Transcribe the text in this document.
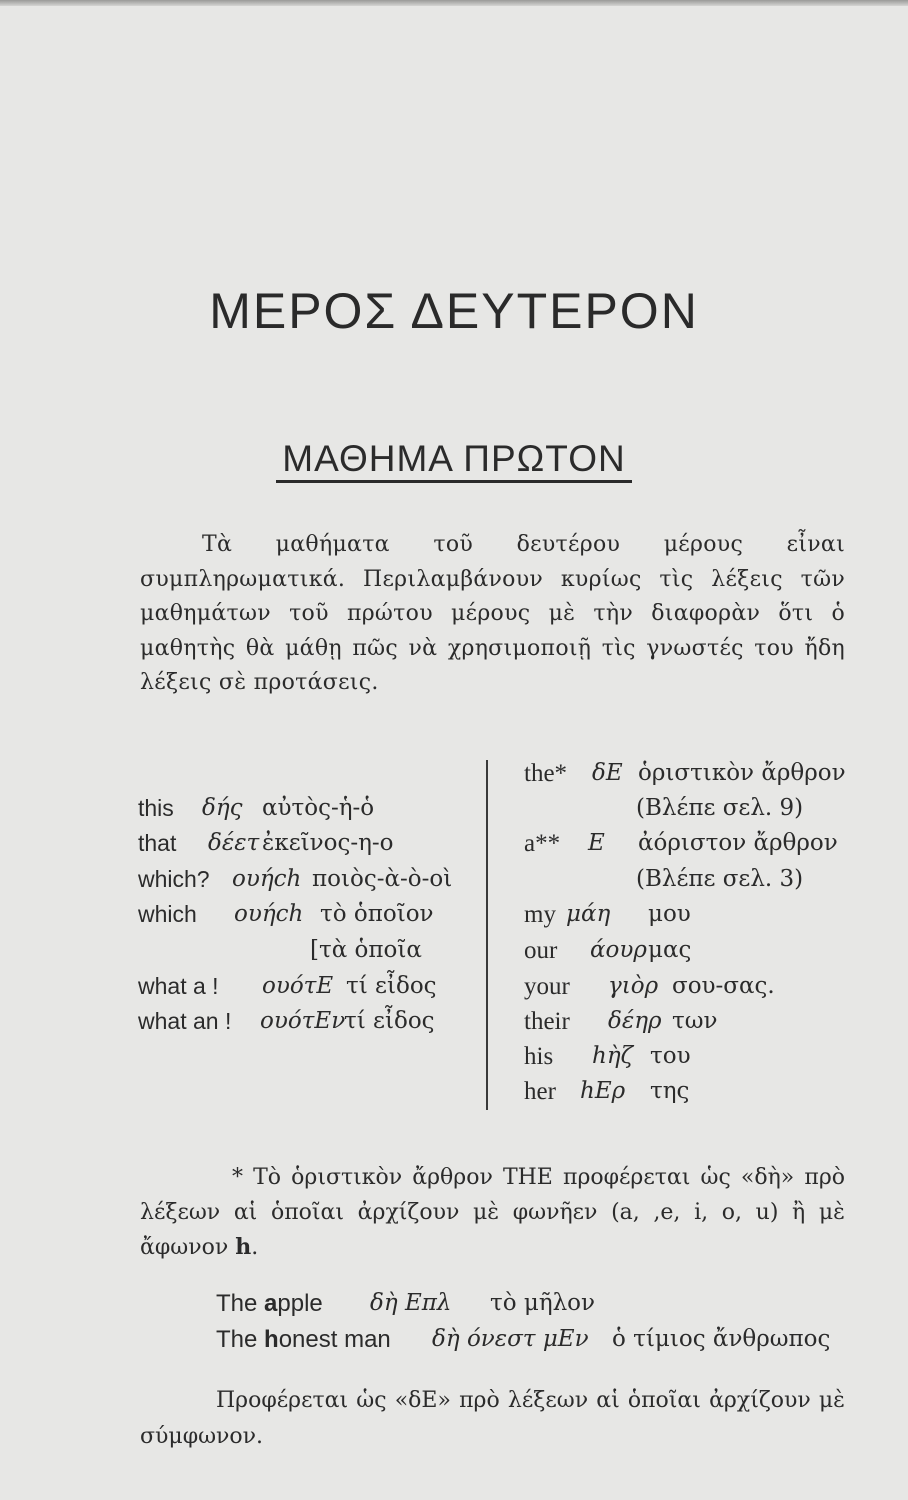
ΜΕΡΟΣ ΔΕΥΤΕΡΟΝ
ΜΑΘΗΜΑ ΠΡΩΤΟΝ
Τὰ μαθήματα τοῦ δευτέρου μέρους εἶναι συμπληρωματικά. Περιλαμβάνουν κυρίως τὶς λέξεις τῶν μαθημάτων τοῦ πρώτου μέρους μὲ τὴν διαφορὰν ὅτι ὁ μαθητὴς θὰ μάθῃ πῶς νὰ χρησιμοποιῇ τὶς γνωστές του ἤδη λέξεις σὲ προτάσεις.
this δής αὐτὸς-ἡ-ὁ
that δέετ ἐκεῖνος-η-ο
which? ουήch ποιὸς-ὰ-ὸ-οὶ
which ουήch τὸ ὁποῖον
[τὰ ὁποῖα
what a ! ουότE τί εἶδος
what an ! ουότEν
τί εἶδος
the* δE ὁριστικὸν ἄρθρον
(Βλέπε σελ. 9)
a** E ἀόριστον ἄρθρον
(Βλέπε σελ. 3)
my μάη μου
our άουρ μας
your γιὸρ σου-σας.
their δέηρ των
his hὴζ του
her hEρ της
* Τὸ ὁριστικὸν ἄρθρον THE προφέρεται ὡς «δὴ» πρὸ λέξεων αἱ ὁποῖαι ἀρχίζουν μὲ φωνῆεν (a, ,e, i, o, u) ἢ μὲ ἄφωνον h.
The apple δὴ Επλ τὸ μῆλον
The honest man δὴ όνεστ μEν ὁ τίμιος ἄνθρωπος
Προφέρεται ὡς «δΕ» πρὸ λέξεων αἱ ὁποῖαι ἀρχίζουν μὲ σύμφωνον.
